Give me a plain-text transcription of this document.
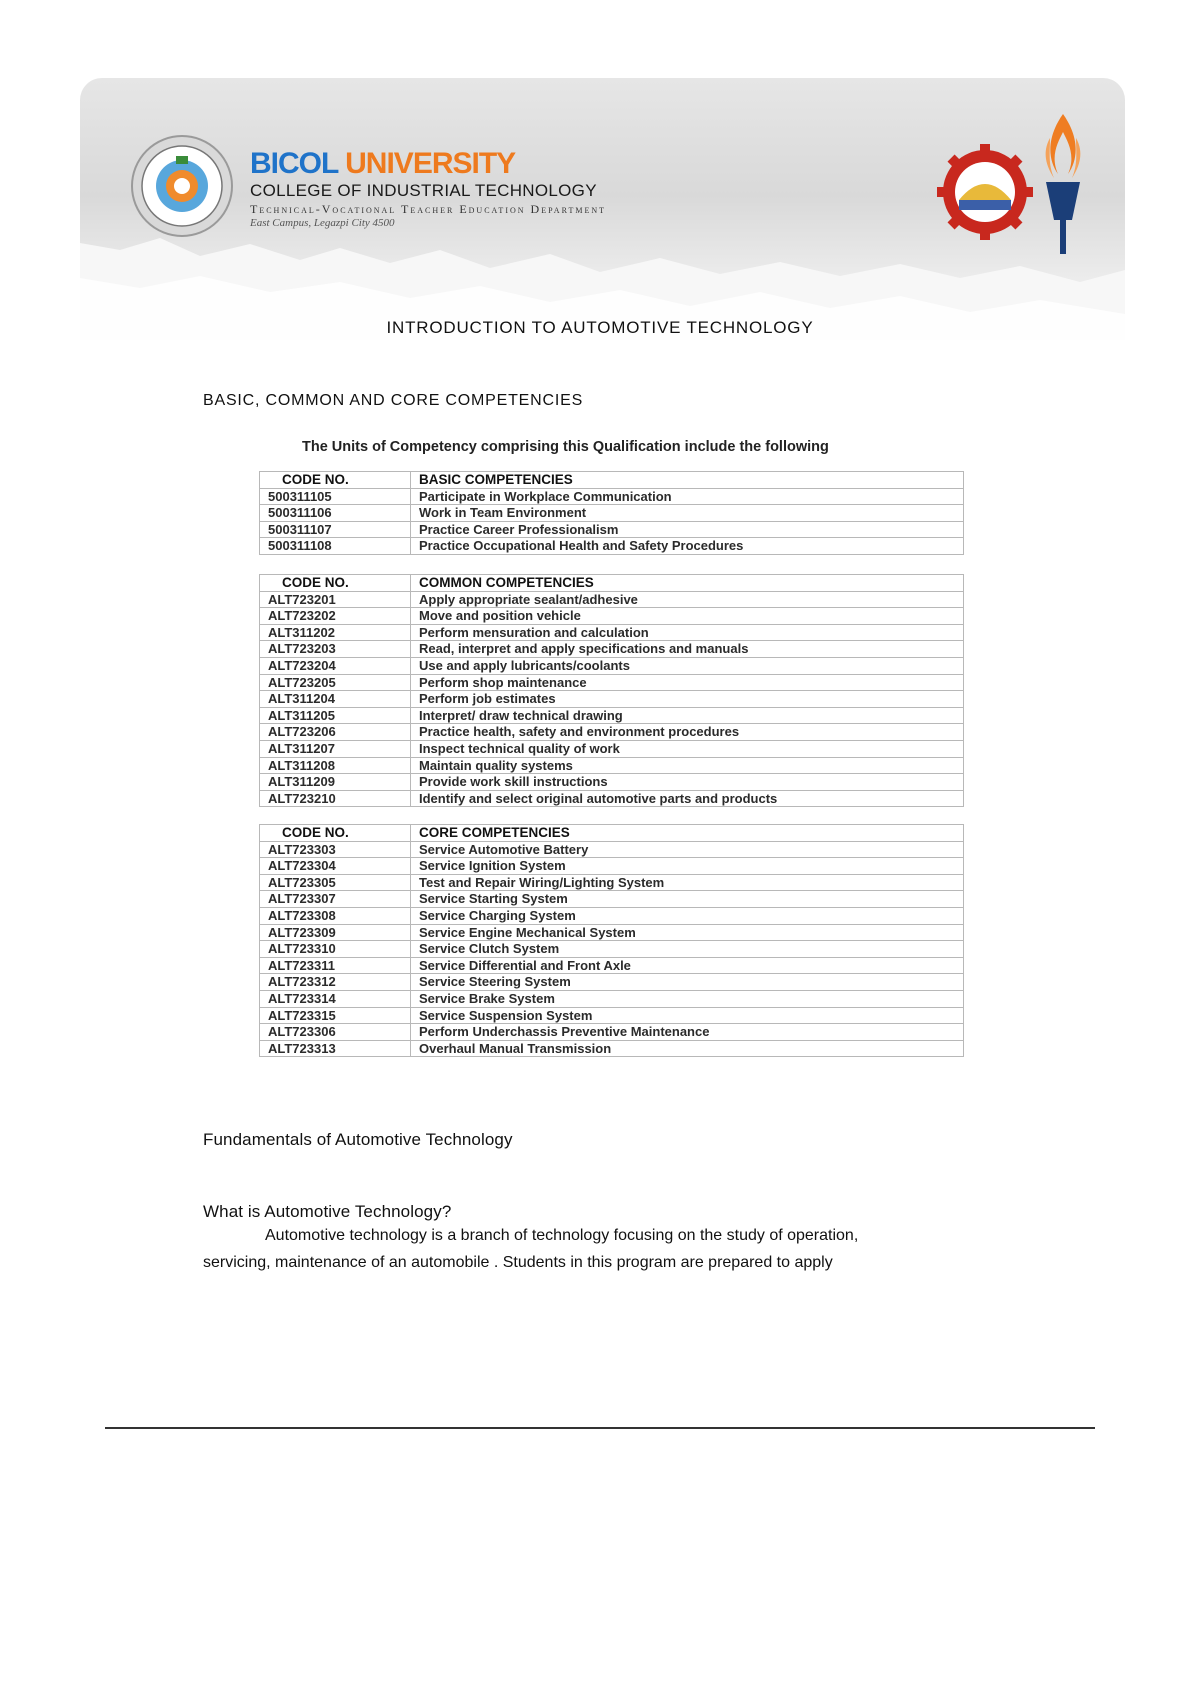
BICOL UNIVERSITY
COLLEGE OF INDUSTRIAL TECHNOLOGY
Technical-Vocational Teacher Education Department
East Campus, Legazpi City 4500
INTRODUCTION TO AUTOMOTIVE TECHNOLOGY
BASIC, COMMON AND CORE COMPETENCIES
The Units of Competency comprising this Qualification include the following
CODE NO.	BASIC COMPETENCIES
500311105	Participate in Workplace Communication
500311106	Work in Team Environment
500311107	Practice Career Professionalism
500311108	Practice Occupational Health and Safety Procedures
CODE NO.	COMMON COMPETENCIES
ALT723201	Apply appropriate sealant/adhesive
ALT723202	Move and position vehicle
ALT311202	Perform mensuration and calculation
ALT723203	Read, interpret and apply specifications and manuals
ALT723204	Use and apply lubricants/coolants
ALT723205	Perform shop maintenance
ALT311204	Perform job estimates
ALT311205	Interpret/ draw technical drawing
ALT723206	Practice health, safety and environment procedures
ALT311207	Inspect technical quality of work
ALT311208	Maintain quality systems
ALT311209	Provide work skill instructions
ALT723210	Identify and select original automotive parts and products
CODE NO.	CORE COMPETENCIES
ALT723303	Service Automotive Battery
ALT723304	Service Ignition System
ALT723305	Test and Repair Wiring/Lighting System
ALT723307	Service Starting System
ALT723308	Service Charging System
ALT723309	Service Engine Mechanical System
ALT723310	Service Clutch System
ALT723311	Service Differential and Front Axle
ALT723312	Service Steering System
ALT723314	Service Brake System
ALT723315	Service Suspension System
ALT723306	Perform Underchassis Preventive Maintenance
ALT723313	Overhaul Manual Transmission
Fundamentals of Automotive Technology
What is Automotive Technology?
Automotive technology is a branch of technology focusing on the study of operation,
servicing, maintenance of an automobile . Students in this program are prepared to apply
